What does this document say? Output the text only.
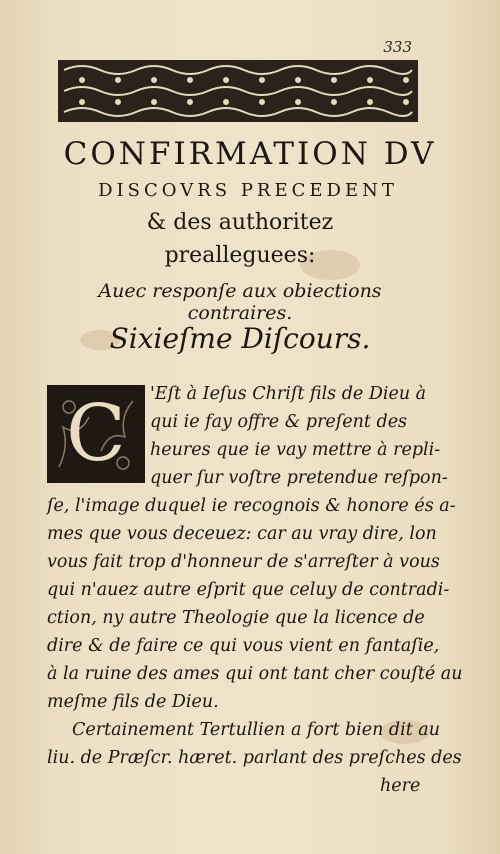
333
CONFIRMATION DV
DISCOVRS PRECEDENT
& des authoritez
prealleguees:
Auec responſe aux obiections contraires.
Sixieſme Diſcours.
C	'Eſt à Ieſus Chriſt fils de Dieu à
qui ie fay offre & preſent des
heures que ie vay mettre à repli-
quer ſur voſtre pretendue reſpon-
ſe, l'image duquel ie recognois & honore és a-
mes que vous deceuez: car au vray dire, lon
vous fait trop d'honneur de s'arreſter à vous
qui n'auez autre eſprit que celuy de contradi-
ction, ny autre Theologie que la licence de
dire & de faire ce qui vous vient en fantaſie,
à la ruine des ames qui ont tant cher couſté au
meſme fils de Dieu.
Certainement Tertullien a fort bien dit au
liu. de Præſcr. hæret. parlant des preſches des
here
